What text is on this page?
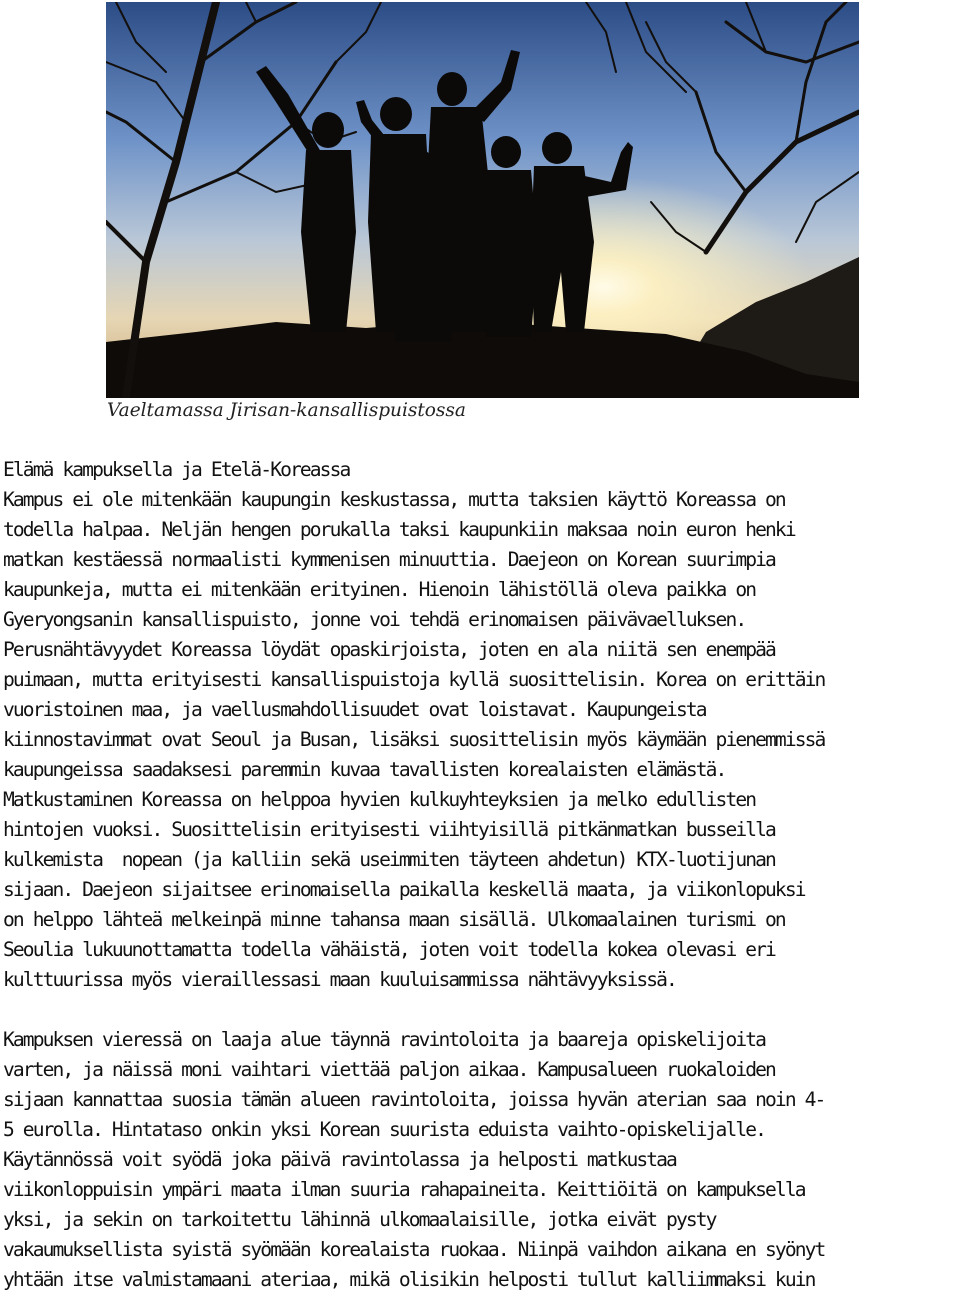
Vaeltamassa Jirisan-kansallispuistossa
Elämä kampuksella ja Etelä-Koreassa
Kampus ei ole mitenkään kaupungin keskustassa, mutta taksien käyttö Koreassa on
todella halpaa. Neljän hengen porukalla taksi kaupunkiin maksaa noin euron henki
matkan kestäessä normaalisti kymmenisen minuuttia. Daejeon on Korean suurimpia
kaupunkeja, mutta ei mitenkään erityinen. Hienoin lähistöllä oleva paikka on
Gyeryongsanin kansallispuisto, jonne voi tehdä erinomaisen päivävaelluksen.
Perusnähtävyydet Koreassa löydät opaskirjoista, joten en ala niitä sen enempää
puimaan, mutta erityisesti kansallispuistoja kyllä suosittelisin. Korea on erittäin
vuoristoinen maa, ja vaellusmahdollisuudet ovat loistavat. Kaupungeista
kiinnostavimmat ovat Seoul ja Busan, lisäksi suosittelisin myös käymään pienemmissä
kaupungeissa saadaksesi paremmin kuvaa tavallisten korealaisten elämästä.
Matkustaminen Koreassa on helppoa hyvien kulkuyhteyksien ja melko edullisten
hintojen vuoksi. Suosittelisin erityisesti viihtyisillä pitkänmatkan busseilla
kulkemista  nopean (ja kalliin sekä useimmiten täyteen ahdetun) KTX-luotijunan
sijaan. Daejeon sijaitsee erinomaisella paikalla keskellä maata, ja viikonlopuksi
on helppo lähteä melkeinpä minne tahansa maan sisällä. Ulkomaalainen turismi on
Seoulia lukuunottamatta todella vähäistä, joten voit todella kokea olevasi eri
kulttuurissa myös vieraillessasi maan kuuluisammissa nähtävyyksissä.
Kampuksen vieressä on laaja alue täynnä ravintoloita ja baareja opiskelijoita
varten, ja näissä moni vaihtari viettää paljon aikaa. Kampusalueen ruokaloiden
sijaan kannattaa suosia tämän alueen ravintoloita, joissa hyvän aterian saa noin 4-
5 eurolla. Hintataso onkin yksi Korean suurista eduista vaihto-opiskelijalle.
Käytännössä voit syödä joka päivä ravintolassa ja helposti matkustaa
viikonloppuisin ympäri maata ilman suuria rahapaineita. Keittiöitä on kampuksella
yksi, ja sekin on tarkoitettu lähinnä ulkomaalaisille, jotka eivät pysty
vakaumuksellista syistä syömään korealaista ruokaa. Niinpä vaihdon aikana en syönyt
yhtään itse valmistamaani ateriaa, mikä olisikin helposti tullut kalliimmaksi kuin
